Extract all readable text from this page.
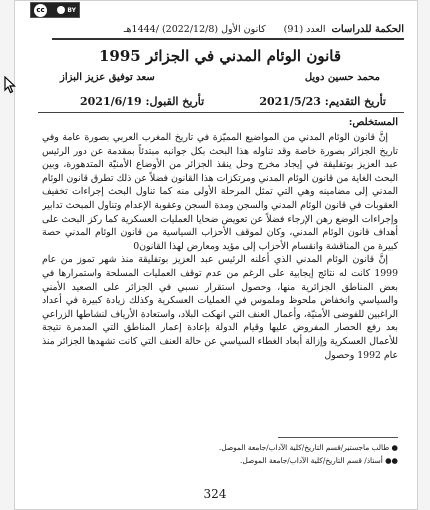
cc	BY
الحكمة للدراسات
العدد (91)
كانون الأول (2022/12/8) /1444هـ
قانون الوئام المدني في الجزائر 1995
محمد حسين دويل
سعد توفيق عزيز البزاز
تأريخ التقديم: 2021/5/23
تأريخ القبول: 2021/6/19
المستخلص:

إنَّ قانون الوئام المدني من المواضيع المميّزة في تاريخ المغرب العربي بصورة عامة وفي تاريخ الجزائر بصورة خاصة وقد تناوله هذا البحث بكل جوانبه مبتدئاً بمقدمة عن دور الرئيس عبد العزيز بوتفليقة في إيجاد مخرج وحل ينقذ الجزائر من الأوضاع الأمنيّة المتدهورة، وبين البحث الغاية من قانون الوئام المدني ومرتكزات هذا القانون فضلاً عن ذلك تطرق قانون الوئام المدني إلى مضامينه وهي التي تمثل المرحلة الأولى منه كما تناول البحث إجراءات تخفيف العقوبات في قانون الوئام المدني والسجن ومدة السجن وعقوبة الإعدام وتناول المبحث تدابير وإجراءات الوضع رهن الإرجاء فضلاً عن تعويض ضحايا العمليات العسكرية كما ركز البحث على أهداف قانون الوئام المدني، وكان لموقف الأحزاب السياسية من قانون الوئام المدني حصة كبيرة من المناقشة وانقسام الأحزاب إلى مؤيد ومعارض لهذا القانون0

إنَّ قانون الوئام المدني الذي أعلنه الرئيس عبد العزيز بوتفليقة منذ شهر تموز من عام 1999 كانت له نتائج إيجابية على الرغم من عدم توقف العمليات المسلحة واستمرارها في بعض المناطق الجزائرية منها، وحصول استقرار نسبي في الجزائر على الصعيد الأمني والسياسي وانخفاض ملحوظ وملموس في العمليات العسكرية وكذلك زيادة كبيرة في أعداد الراغبين للفوضى الأمنيّة، وأعمال العنف التي انهكت البلاد، واستعادة الأرياف لنشاطها الزراعي بعد رفع الحصار المفروض عليها وقيام الدولة بإعادة إعمار المناطق التي المدمرة نتيجة للأعمال العسكرية وإزالة أبعاد الغطاء السياسي عن حالة العنف التي كانت تشهدها الجزائر منذ عام 1992 وحصول

● طالب ماجستير/قسم التاريخ/كلية الآداب/جامعة الموصل.
●● أستاذ/ قسم التاريخ/كلية الآداب/جامعة الموصل.
324
